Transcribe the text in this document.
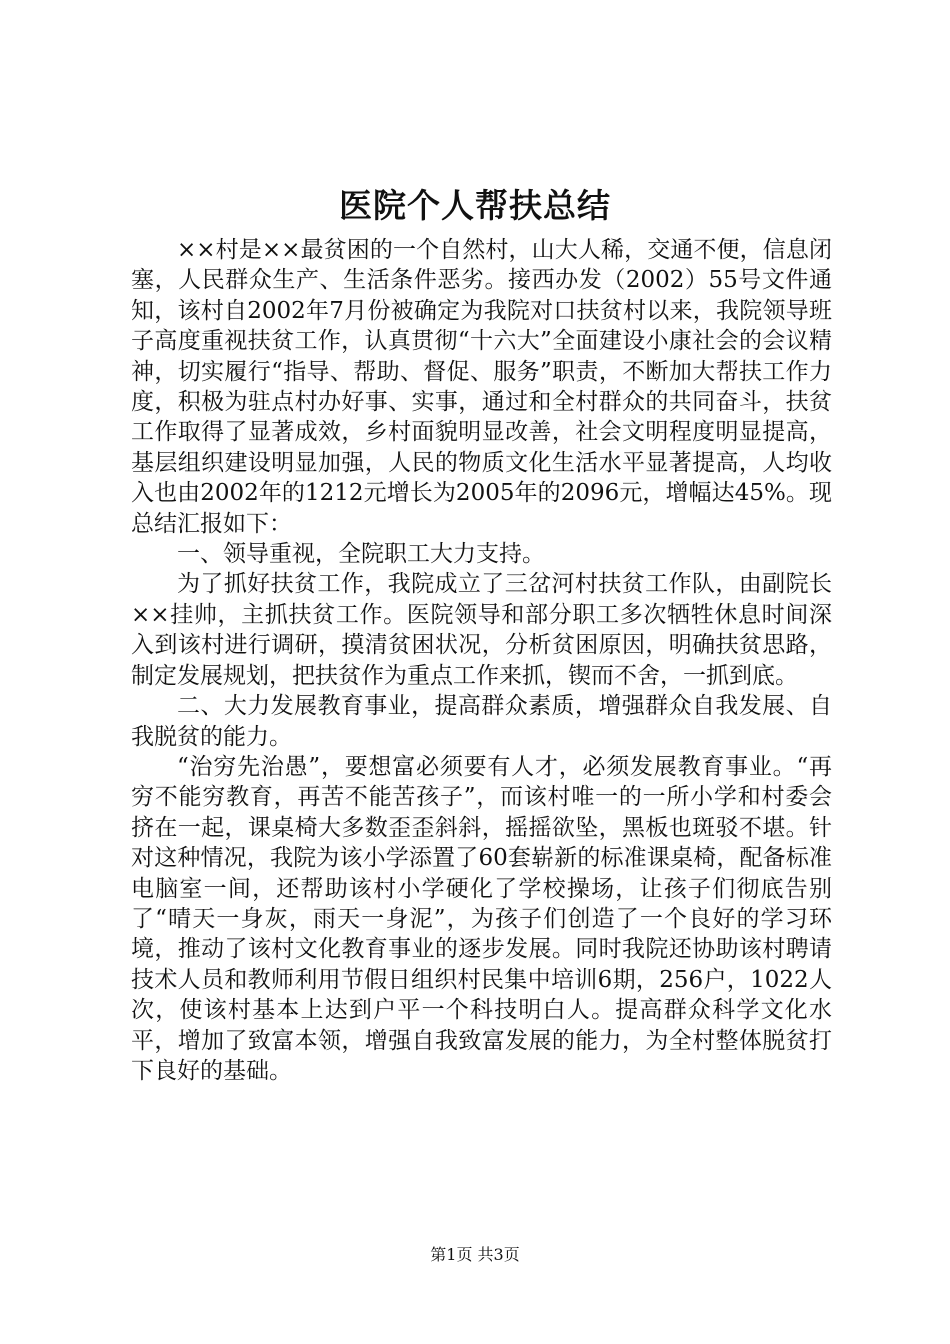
医院个人帮扶总结

××村是××最贫困的一个自然村，山大人稀，交通不便，信息闭塞，人民群众生产、生活条件恶劣。接西办发（2002）55号文件通知，该村自2002年7月份被确定为我院对口扶贫村以来，我院领导班子高度重视扶贫工作，认真贯彻“十六大”全面建设小康社会的会议精神，切实履行“指导、帮助、督促、服务”职责，不断加大帮扶工作力度，积极为驻点村办好事、实事，通过和全村群众的共同奋斗，扶贫工作取得了显著成效，乡村面貌明显改善，社会文明程度明显提高，基层组织建设明显加强，人民的物质文化生活水平显著提高，人均收入也由2002年的1212元增长为2005年的2096元，增幅达45%。现总结汇报如下：

一、领导重视，全院职工大力支持。

为了抓好扶贫工作，我院成立了三岔河村扶贫工作队，由副院长××挂帅，主抓扶贫工作。医院领导和部分职工多次牺牲休息时间深入到该村进行调研，摸清贫困状况，分析贫困原因，明确扶贫思路，制定发展规划，把扶贫作为重点工作来抓，锲而不舍，一抓到底。

二、大力发展教育事业，提高群众素质，增强群众自我发展、自我脱贫的能力。

“治穷先治愚”，要想富必须要有人才，必须发展教育事业。“再穷不能穷教育，再苦不能苦孩子”，而该村唯一的一所小学和村委会挤在一起，课桌椅大多数歪歪斜斜，摇摇欲坠，黑板也斑驳不堪。针对这种情况，我院为该小学添置了60套崭新的标准课桌椅，配备标准电脑室一间，还帮助该村小学硬化了学校操场，让孩子们彻底告别了“晴天一身灰，雨天一身泥”，为孩子们创造了一个良好的学习环境，推动了该村文化教育事业的逐步发展。同时我院还协助该村聘请技术人员和教师利用节假日组织村民集中培训6期，256户，1022人次，使该村基本上达到户平一个科技明白人。提高群众科学文化水平，增加了致富本领，增强自我致富发展的能力，为全村整体脱贫打下良好的基础。

第1页 共3页
